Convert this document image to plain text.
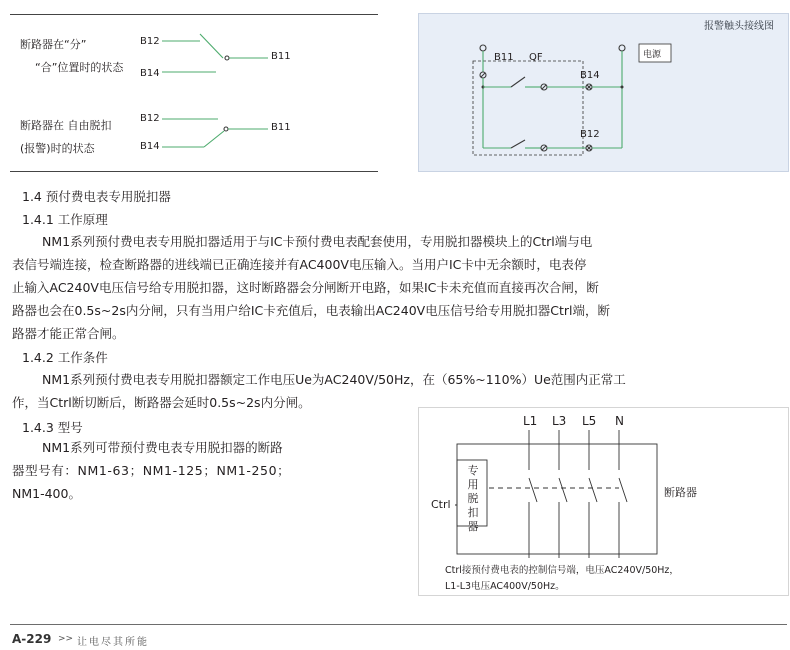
断路器在“分”
“合”位置时的状态
B12
B14
B11
断路器在 自由脱扣
(报警)时的状态
B12
B14
B11
报警触头接线图
B11 QF
B14
B12
电源
1.4 预付费电表专用脱扣器
1.4.1 工作原理
NM1系列预付费电表专用脱扣器适用于与IC卡预付费电表配套使用，专用脱扣器模块上的Ctrl端与电
表信号端连接，检查断路器的进线端已正确连接并有AC400V电压输入。当用户IC卡中无余额时，电表停
止输入AC240V电压信号给专用脱扣器，这时断路器会分闸断开电路，如果IC卡未充值而直接再次合闸，断
路器也会在0.5s~2s内分闸，只有当用户给IC卡充值后，电表输出AC240V电压信号给专用脱扣器Ctrl端，断
路器才能正常合闸。
1.4.2 工作条件
NM1系列预付费电表专用脱扣器额定工作电压Ue为AC240V/50Hz，在（65%~110%）Ue范围内正常工
作，当Ctrl断切断后，断路器会延时0.5s~2s内分闸。
1.4.3 型号
NM1系列可带预付费电表专用脱扣器的断路
器型号有：NM1-63；NM1-125；NM1-250；
NM1-400。
L1 L3 L5 N
专用脱扣器
Ctrl
断路器
Ctrl接预付费电表的控制信号端，电压AC240V/50Hz，
L1-L3电压AC400V/50Hz。
A-229 >> 让电尽其所能
